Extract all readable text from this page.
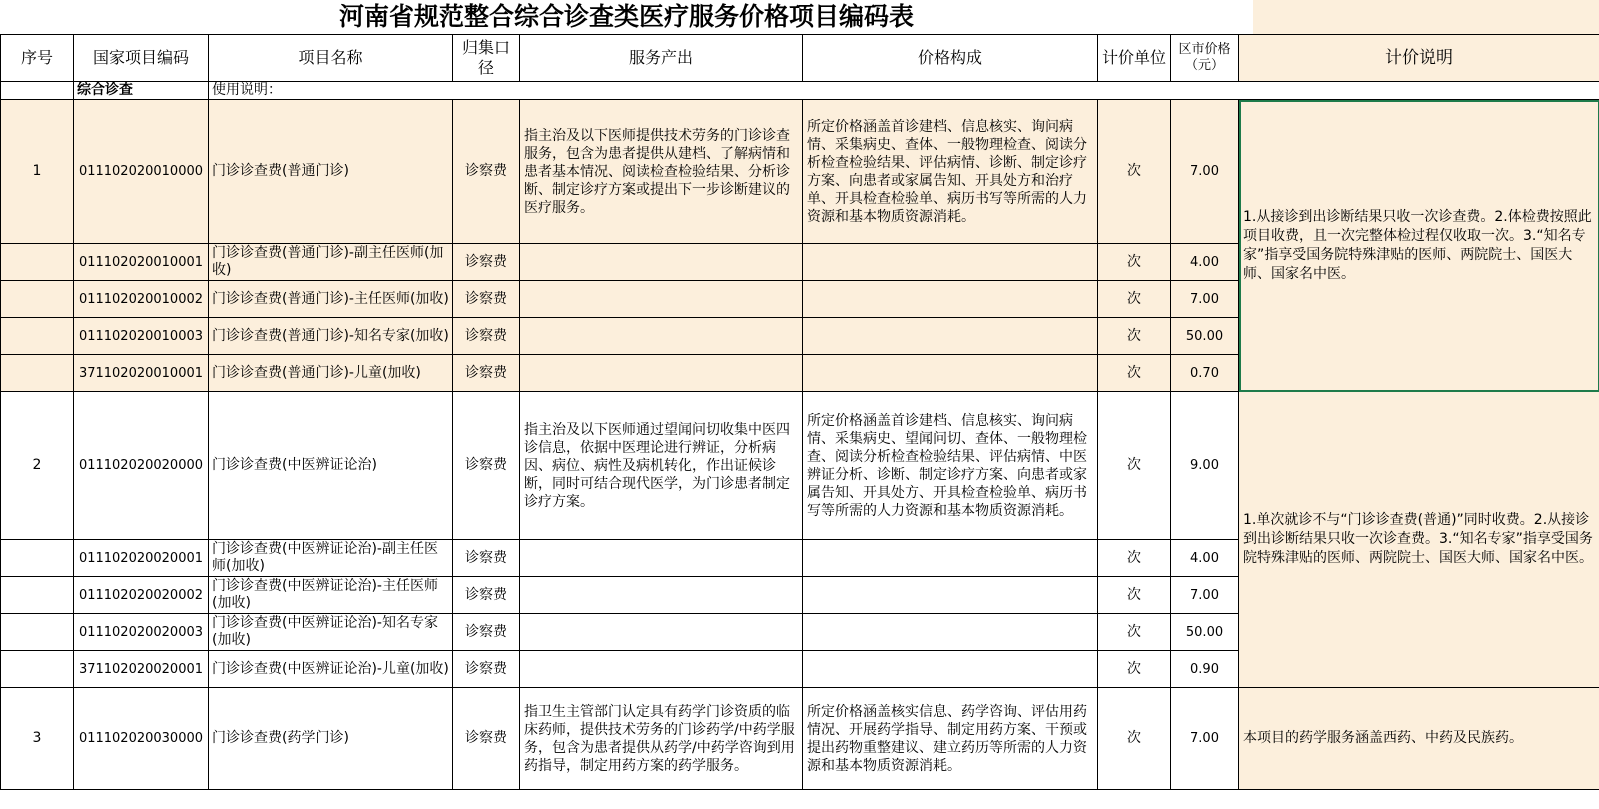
河南省规范整合综合诊查类医疗服务价格项目编码表
序号	国家项目编码	项目名称	归集口径	服务产出	价格构成	计价单位	区市价格（元）	计价说明
	综合诊查	使用说明：						
1	011102020010000	门诊诊查费(普通门诊)	诊察费	指主治及以下医师提供技术劳务的门诊诊查服务，包含为患者提供从建档、了解病情和患者基本情况、阅读检查检验结果、分析诊断、制定诊疗方案或提出下一步诊断建议的医疗服务。	所定价格涵盖首诊建档、信息核实、询问病情、采集病史、查体、一般物理检查、阅读分析检查检验结果、评估病情、诊断、制定诊疗方案、向患者或家属告知、开具处方和治疗单、开具检查检验单、病历书写等所需的人力资源和基本物质资源消耗。	次	7.00	1.从接诊到出诊断结果只收一次诊查费。2.体检费按照此项目收费，且一次完整体检过程仅收取一次。3.“知名专家”指享受国务院特殊津贴的医师、两院院士、国医大师、国家名中医。
	011102020010001	门诊诊查费(普通门诊)-副主任医师(加收)	诊察费			次	4.00	
	011102020010002	门诊诊查费(普通门诊)-主任医师(加收)	诊察费			次	7.00	
	011102020010003	门诊诊查费(普通门诊)-知名专家(加收)	诊察费			次	50.00	
	371102020010001	门诊诊查费(普通门诊)-儿童(加收)	诊察费			次	0.70	
2	011102020020000	门诊诊查费(中医辨证论治)	诊察费	指主治及以下医师通过望闻问切收集中医四诊信息，依据中医理论进行辨证，分析病因、病位、病性及病机转化，作出证候诊断，同时可结合现代医学，为门诊患者制定诊疗方案。	所定价格涵盖首诊建档、信息核实、询问病情、采集病史、望闻问切、查体、一般物理检查、阅读分析检查检验结果、评估病情、中医辨证分析、诊断、制定诊疗方案、向患者或家属告知、开具处方、开具检查检验单、病历书写等所需的人力资源和基本物质资源消耗。	次	9.00	1.单次就诊不与“门诊诊查费(普通)”同时收费。2.从接诊到出诊断结果只收一次诊查费。3.“知名专家”指享受国务院特殊津贴的医师、两院院士、国医大师、国家名中医。
	011102020020001	门诊诊查费(中医辨证论治)-副主任医师(加收)	诊察费			次	4.00	
	011102020020002	门诊诊查费(中医辨证论治)-主任医师(加收)	诊察费			次	7.00	
	011102020020003	门诊诊查费(中医辨证论治)-知名专家(加收)	诊察费			次	50.00	
	371102020020001	门诊诊查费(中医辨证论治)-儿童(加收)	诊察费			次	0.90	
3	011102020030000	门诊诊查费(药学门诊)	诊察费	指卫生主管部门认定具有药学门诊资质的临床药师，提供技术劳务的门诊药学/中药学服务，包含为患者提供从药学/中药学咨询到用药指导，制定用药方案的药学服务。	所定价格涵盖核实信息、药学咨询、评估用药情况、开展药学指导、制定用药方案、干预或提出药物重整建议、建立药历等所需的人力资源和基本物质资源消耗。	次	7.00	本项目的药学服务涵盖西药、中药及民族药。
